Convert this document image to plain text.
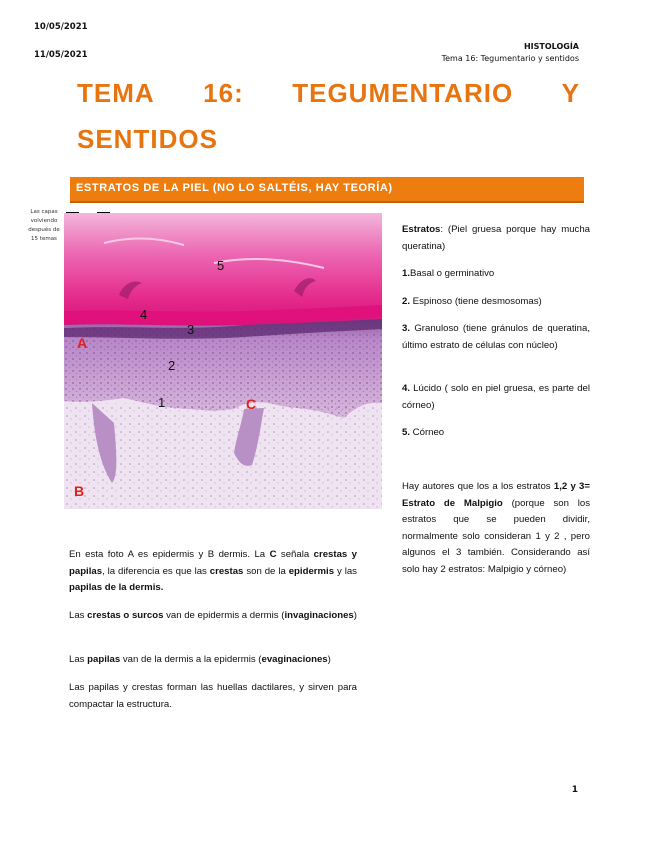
10/05/2021
11/05/2021
HISTOLOGÍA
Tema 16: Tegumentario y sentidos
TEMA 16: TEGUMENTARIO Y
SENTIDOS
ESTRATOS DE LA PIEL (NO LO SALTÉIS, HAY TEORÍA)
Las capas volviendo después de 15 temas
5
4
3
2
1
A
B
C
En esta foto A es epidermis y B dermis. La C señala crestas y papilas, la diferencia es que las crestas son de la epidermis y las papilas de la dermis.
Las crestas o surcos van de epidermis a dermis (invaginaciones)
Las papilas van de la dermis a la epidermis (evaginaciones)
Las papilas y crestas forman las huellas dactilares, y sirven para compactar la estructura.
Estratos: (Piel gruesa porque hay mucha queratina)
1.Basal o germinativo
2. Espinoso (tiene desmosomas)
3. Granuloso (tiene gránulos de queratina, último estrato de células con núcleo)
4. Lúcido ( solo en piel gruesa, es parte del córneo)
5. Córneo
Hay autores que los a los estratos 1,2 y 3= Estrato de Malpigio (porque son los estratos que se pueden dividir, normalmente solo consideran 1 y 2 , pero algunos el 3 también. Considerando así solo hay 2 estratos: Malpigio y córneo)
1
